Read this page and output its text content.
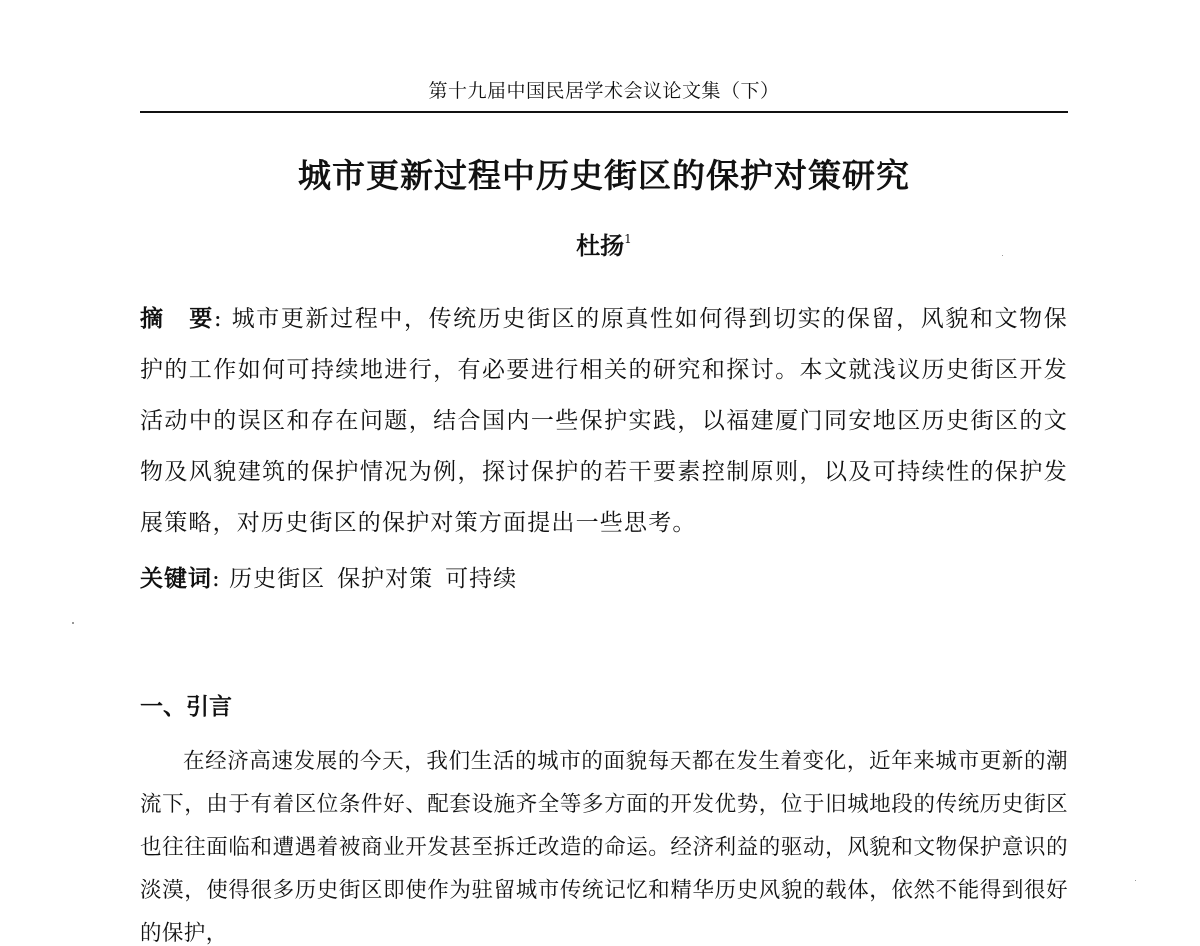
第十九届中国民居学术会议论文集（下）
城市更新过程中历史街区的保护对策研究
杜扬$^1$
摘　要: 城市更新过程中，传统历史街区的原真性如何得到切实的保留，风貌和文物保护的工作如何可持续地进行，有必要进行相关的研究和探讨。本文就浅议历史街区开发活动中的误区和存在问题，结合国内一些保护实践，以福建厦门同安地区历史街区的文物及风貌建筑的保护情况为例，探讨保护的若干要素控制原则，以及可持续性的保护发展策略，对历史街区的保护对策方面提出一些思考。
关键词: 历史街区 保护对策 可持续
一、引言
在经济高速发展的今天，我们生活的城市的面貌每天都在发生着变化，近年来城市更新的潮流下，由于有着区位条件好、配套设施齐全等多方面的开发优势，位于旧城地段的传统历史街区也往往面临和遭遇着被商业开发甚至拆迁改造的命运。经济利益的驱动，风貌和文物保护意识的淡漠，使得很多历史街区即使作为驻留城市传统记忆和精华历史风貌的载体，依然不能得到很好的保护，
